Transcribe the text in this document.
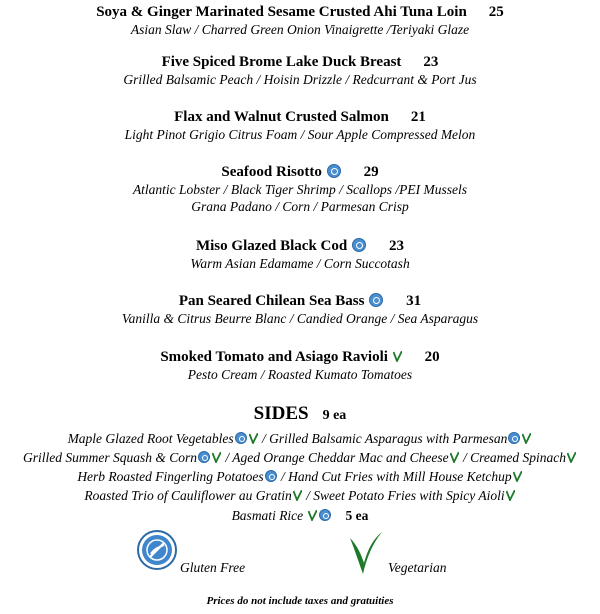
Soya & Ginger Marinated Sesame Crusted Ahi Tuna Loin 25
Asian Slaw / Charred Green Onion Vinaigrette /Teriyaki Glaze
Five Spiced Brome Lake Duck Breast 23
Grilled Balsamic Peach / Hoisin Drizzle / Redcurrant & Port Jus
Flax and Walnut Crusted Salmon 21
Light Pinot Grigio Citrus Foam / Sour Apple Compressed Melon
Seafood Risotto	29
Atlantic Lobster / Black Tiger Shrimp / Scallops /PEI Mussels
Grana Padano / Corn / Parmesan Crisp
Miso Glazed Black Cod	23
Warm Asian Edamame / Corn Succotash
Pan Seared Chilean Sea Bass	31
Vanilla & Citrus Beurre Blanc / Candied Orange / Sea Asparagus
Smoked Tomato and Asiago Ravioli 20
Pesto Cream / Roasted Kumato Tomatoes
SIDES 9 ea
Maple Glazed Root Vegetables
/ Grilled Balsamic Asparagus with Parmesan
Grilled Summer Squash & Corn
/ Aged Orange Cheddar Mac and Cheese
/ Creamed Spinach
Herb Roasted Fingerling Potatoes / Hand Cut Fries with Mill House Ketchup
Roasted Trio of Cauliflower au Gratin
/ Sweet Potato Fries with Spicy Aioli
Basmati Rice	5 ea
Gluten Free	Vegetarian
Prices do not include taxes and gratuities
